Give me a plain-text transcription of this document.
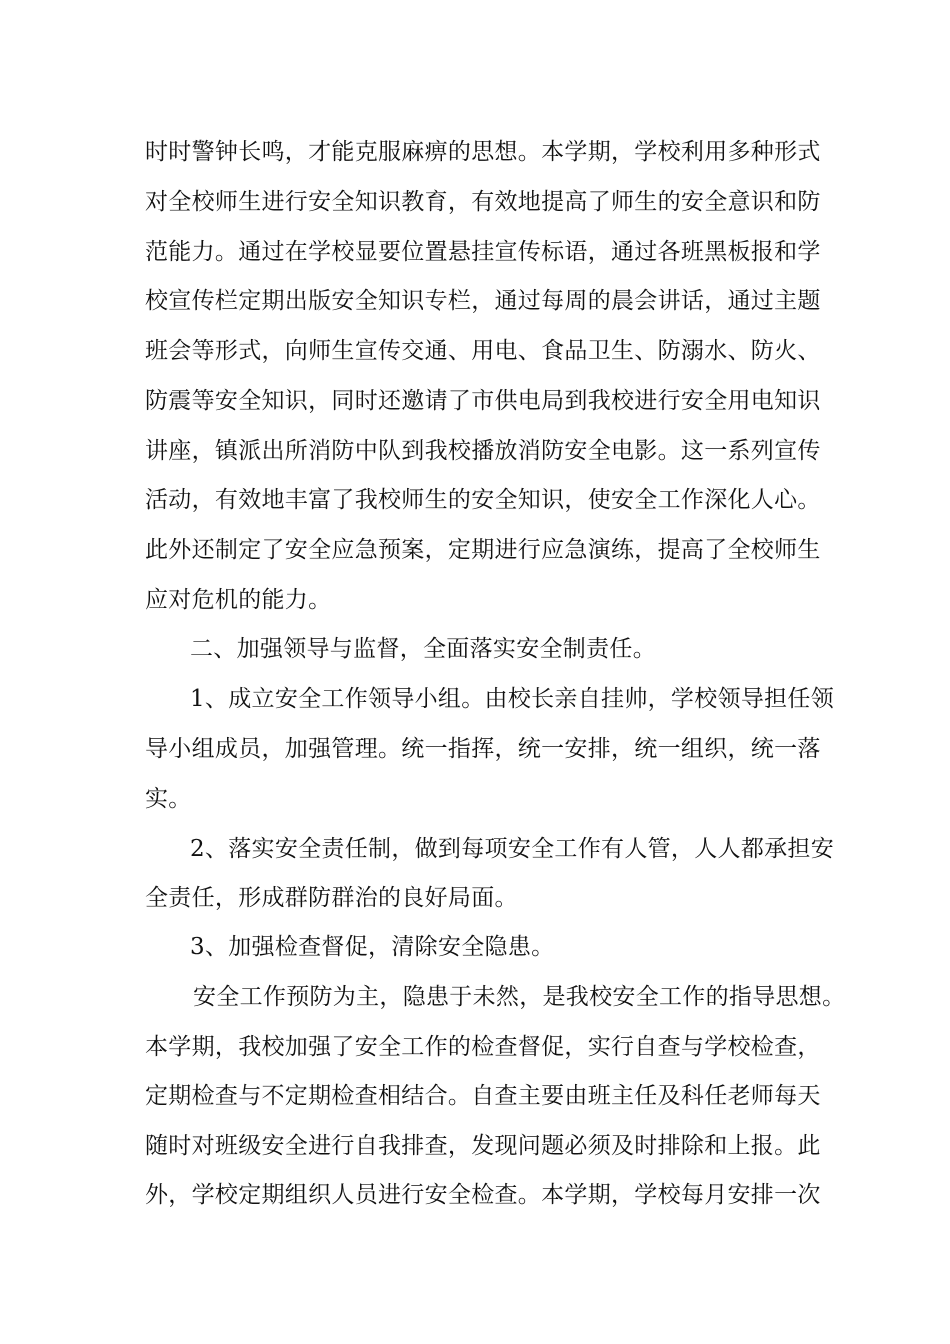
时时警钟长鸣，才能克服麻痹的思想。本学期，学校利用多种形式
对全校师生进行安全知识教育，有效地提高了师生的安全意识和防
范能力。通过在学校显要位置悬挂宣传标语，通过各班黑板报和学
校宣传栏定期出版安全知识专栏，通过每周的晨会讲话，通过主题
班会等形式，向师生宣传交通、用电、食品卫生、防溺水、防火、
防震等安全知识，同时还邀请了市供电局到我校进行安全用电知识
讲座，镇派出所消防中队到我校播放消防安全电影。这一系列宣传
活动，有效地丰富了我校师生的安全知识，使安全工作深化人心。
此外还制定了安全应急预案，定期进行应急演练，提高了全校师生
应对危机的能力。
二、加强领导与监督，全面落实安全制责任。
1、成立安全工作领导小组。由校长亲自挂帅，学校领导担任领
导小组成员，加强管理。统一指挥，统一安排，统一组织，统一落
实。
2、落实安全责任制，做到每项安全工作有人管，人人都承担安
全责任，形成群防群治的良好局面。
3、加强检查督促，清除安全隐患。
安全工作预防为主，隐患于未然，是我校安全工作的指导思想。
本学期，我校加强了安全工作的检查督促，实行自查与学校检查，
定期检查与不定期检查相结合。自查主要由班主任及科任老师每天
随时对班级安全进行自我排查，发现问题必须及时排除和上报。此
外，学校定期组织人员进行安全检查。本学期，学校每月安排一次
